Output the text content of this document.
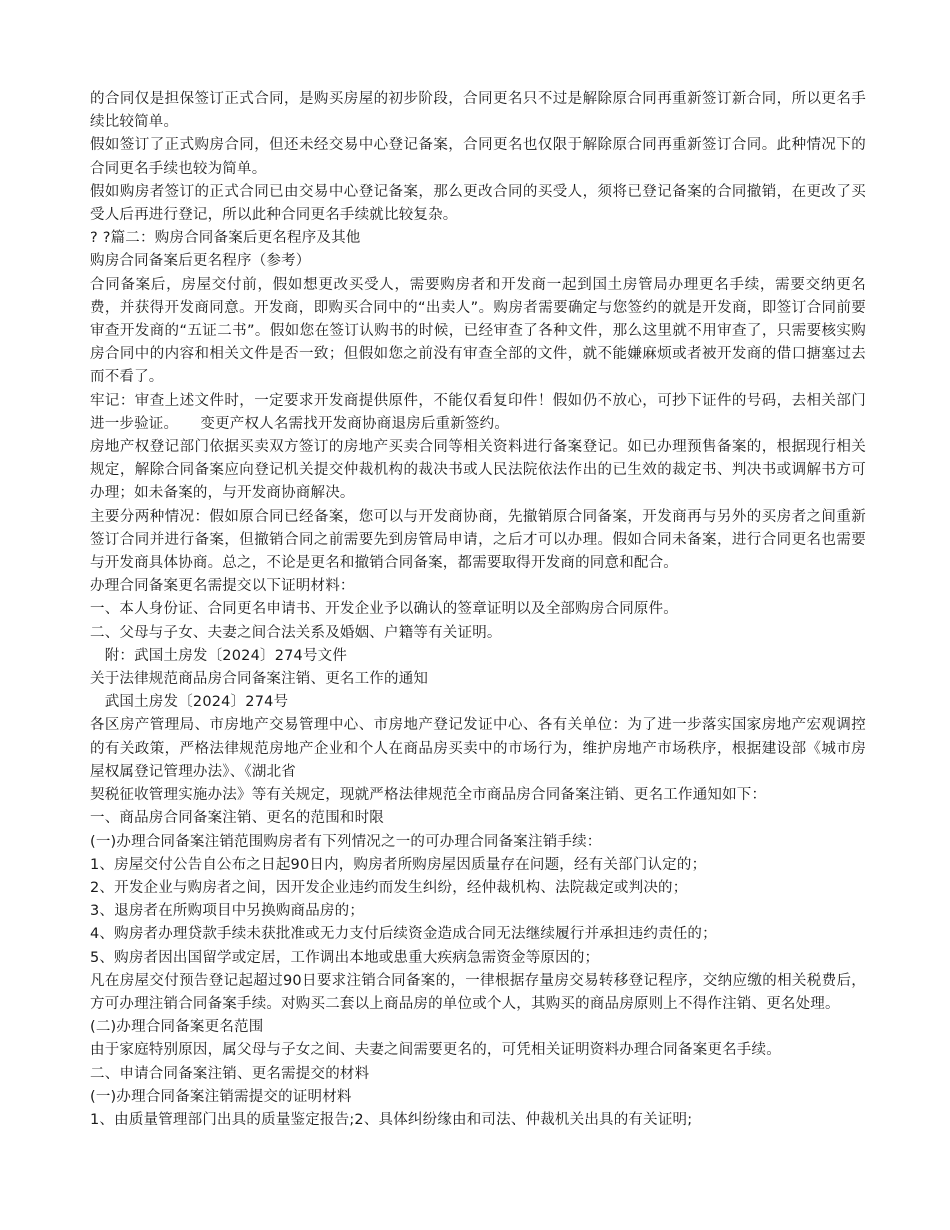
的合同仅是担保签订正式合同，是购买房屋的初步阶段，合同更名只不过是解除原合同再重新签订新合同，所以更名手续比较简单。

假如签订了正式购房合同，但还未经交易中心登记备案，合同更名也仅限于解除原合同再重新签订合同。此种情况下的合同更名手续也较为简单。

假如购房者签订的正式合同已由交易中心登记备案，那么更改合同的买受人，须将已登记备案的合同撤销，在更改了买受人后再进行登记，所以此种合同更名手续就比较复杂。

? ?篇二：购房合同备案后更名程序及其他

购房合同备案后更名程序（参考）

合同备案后，房屋交付前，假如想更改买受人，需要购房者和开发商一起到国土房管局办理更名手续，需要交纳更名费，并获得开发商同意。开发商，即购买合同中的“出卖人”。购房者需要确定与您签约的就是开发商，即签订合同前要审查开发商的“五证二书”。假如您在签订认购书的时候，已经审查了各种文件，那么这里就不用审查了，只需要核实购房合同中的内容和相关文件是否一致；但假如您之前没有审查全部的文件，就不能嫌麻烦或者被开发商的借口搪塞过去而不看了。

牢记：审查上述文件时，一定要求开发商提供原件，不能仅看复印件！假如仍不放心，可抄下证件的号码，去相关部门进一步验证。　　变更产权人名需找开发商协商退房后重新签约。

房地产权登记部门依据买卖双方签订的房地产买卖合同等相关资料进行备案登记。如已办理预售备案的，根据现行相关规定，解除合同备案应向登记机关提交仲裁机构的裁决书或人民法院依法作出的已生效的裁定书、判决书或调解书方可办理；如未备案的，与开发商协商解决。

主要分两种情况：假如原合同已经备案，您可以与开发商协商，先撤销原合同备案，开发商再与另外的买房者之间重新签订合同并进行备案，但撤销合同之前需要先到房管局申请，之后才可以办理。假如合同未备案，进行合同更名也需要与开发商具体协商。总之，不论是更名和撤销合同备案，都需要取得开发商的同意和配合。

办理合同备案更名需提交以下证明材料：

一、本人身份证、合同更名申请书、开发企业予以确认的签章证明以及全部购房合同原件。

二、父母与子女、夫妻之间合法关系及婚姻、户籍等有关证明。

　附：武国土房发〔2024〕274号文件

关于法律规范商品房合同备案注销、更名工作的通知

　武国土房发〔2024〕274号

各区房产管理局、市房地产交易管理中心、市房地产登记发证中心、各有关单位：为了进一步落实国家房地产宏观调控的有关政策，严格法律规范房地产企业和个人在商品房买卖中的市场行为，维护房地产市场秩序，根据建设部《城市房屋权属登记管理办法》、《湖北省

契税征收管理实施办法》等有关规定，现就严格法律规范全市商品房合同备案注销、更名工作通知如下：

一、商品房合同备案注销、更名的范围和时限

(一)办理合同备案注销范围购房者有下列情况之一的可办理合同备案注销手续：

1、房屋交付公告自公布之日起90日内，购房者所购房屋因质量存在问题，经有关部门认定的；

2、开发企业与购房者之间，因开发企业违约而发生纠纷，经仲裁机构、法院裁定或判决的；

3、退房者在所购项目中另换购商品房的；

4、购房者办理贷款手续未获批准或无力支付后续资金造成合同无法继续履行并承担违约责任的；

5、购房者因出国留学或定居，工作调出本地或患重大疾病急需资金等原因的；

凡在房屋交付预告登记起超过90日要求注销合同备案的，一律根据存量房交易转移登记程序，交纳应缴的相关税费后，方可办理注销合同备案手续。对购买二套以上商品房的单位或个人，其购买的商品房原则上不得作注销、更名处理。

(二)办理合同备案更名范围

由于家庭特别原因，属父母与子女之间、夫妻之间需要更名的，可凭相关证明资料办理合同备案更名手续。

二、申请合同备案注销、更名需提交的材料

(一)办理合同备案注销需提交的证明材料

1、由质量管理部门出具的质量鉴定报告;2、具体纠纷缘由和司法、仲裁机关出具的有关证明;
